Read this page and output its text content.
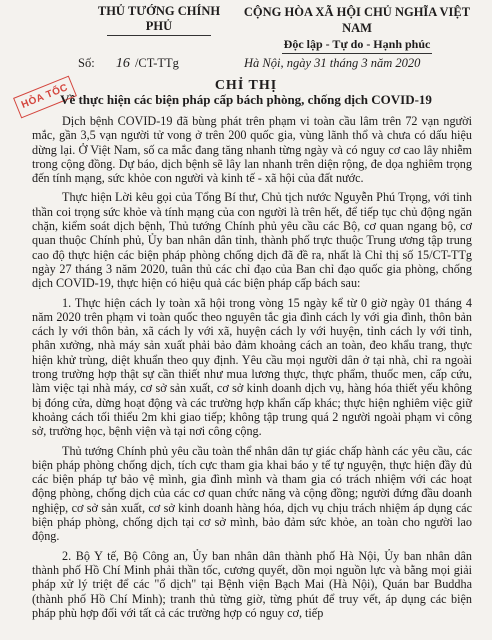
THỦ TƯỚNG CHÍNH PHỦ
CỘNG HÒA XÃ HỘI CHỦ NGHĨA VIỆT NAM
Độc lập - Tự do - Hạnh phúc
Số: 16 /CT-TTg	Hà Nội, ngày 31 tháng 3 năm 2020
HỎA TỐC	CHỈ THỊ
Về thực hiện các biện pháp cấp bách phòng, chống dịch COVID-19

Dịch bệnh COVID-19 đã bùng phát trên phạm vi toàn cầu lâm trên 72 vạn người mắc, gần 3,5 vạn người tử vong ở trên 200 quốc gia, vùng lãnh thổ và chưa có dấu hiệu dừng lại. Ở Việt Nam, số ca mắc đang tăng nhanh từng ngày và có nguy cơ cao lây nhiễm trong cộng đồng. Dự báo, dịch bệnh sẽ lây lan nhanh trên diện rộng, đe dọa nghiêm trọng đến tính mạng, sức khỏe con người và kinh tế - xã hội của đất nước.

Thực hiện Lời kêu gọi của Tổng Bí thư, Chủ tịch nước Nguyễn Phú Trọng, với tinh thần coi trọng sức khỏe và tính mạng của con người là trên hết, để tiếp tục chủ động ngăn chặn, kiểm soát dịch bệnh, Thủ tướng Chính phủ yêu cầu các Bộ, cơ quan ngang bộ, cơ quan thuộc Chính phủ, Ủy ban nhân dân tỉnh, thành phố trực thuộc Trung ương tập trung cao độ thực hiện các biện pháp phòng chống dịch đã đề ra, nhất là Chỉ thị số 15/CT-TTg ngày 27 tháng 3 năm 2020, tuân thủ các chỉ đạo của Ban chỉ đạo quốc gia phòng, chống dịch COVID-19, thực hiện có hiệu quả các biện pháp cấp bách sau:

1. Thực hiện cách ly toàn xã hội trong vòng 15 ngày kể từ 0 giờ ngày 01 tháng 4 năm 2020 trên phạm vi toàn quốc theo nguyên tắc gia đình cách ly với gia đình, thôn bản cách ly với thôn bản, xã cách ly với xã, huyện cách ly với huyện, tỉnh cách ly với tỉnh, phân xưởng, nhà máy sản xuất phải bảo đảm khoảng cách an toàn, đeo khẩu trang, thực hiện khử trùng, diệt khuẩn theo quy định. Yêu cầu mọi người dân ở tại nhà, chỉ ra ngoài trong trường hợp thật sự cần thiết như mua lương thực, thực phẩm, thuốc men, cấp cứu, làm việc tại nhà máy, cơ sở sản xuất, cơ sở kinh doanh dịch vụ, hàng hóa thiết yếu không bị đóng cửa, dừng hoạt động và các trường hợp khẩn cấp khác; thực hiện nghiêm việc giữ khoảng cách tối thiểu 2m khi giao tiếp; không tập trung quá 2 người ngoài phạm vi công sở, trường học, bệnh viện và tại nơi công cộng.

Thủ tướng Chính phủ yêu cầu toàn thể nhân dân tự giác chấp hành các yêu cầu, các biện pháp phòng chống dịch, tích cực tham gia khai báo y tế tự nguyện, thực hiện đầy đủ các biện pháp tự bảo vệ mình, gia đình mình và tham gia có trách nhiệm với các hoạt động phòng, chống dịch của các cơ quan chức năng và cộng đồng; người đứng đầu doanh nghiệp, cơ sở sản xuất, cơ sở kinh doanh hàng hóa, dịch vụ chịu trách nhiệm áp dụng các biện pháp phòng, chống dịch tại cơ sở mình, bảo đảm sức khỏe, an toàn cho người lao động.

2. Bộ Y tế, Bộ Công an, Ủy ban nhân dân thành phố Hà Nội, Ủy ban nhân dân thành phố Hồ Chí Minh phải thần tốc, cương quyết, dồn mọi nguồn lực và bằng mọi giải pháp xử lý triệt để các "ổ dịch" tại Bệnh viện Bạch Mai (Hà Nội), Quán bar Buddha (thành phố Hồ Chí Minh); tranh thủ từng giờ, từng phút để truy vết, áp dụng các biện pháp phù hợp đối với tất cả các trường hợp có nguy cơ, tiếp
